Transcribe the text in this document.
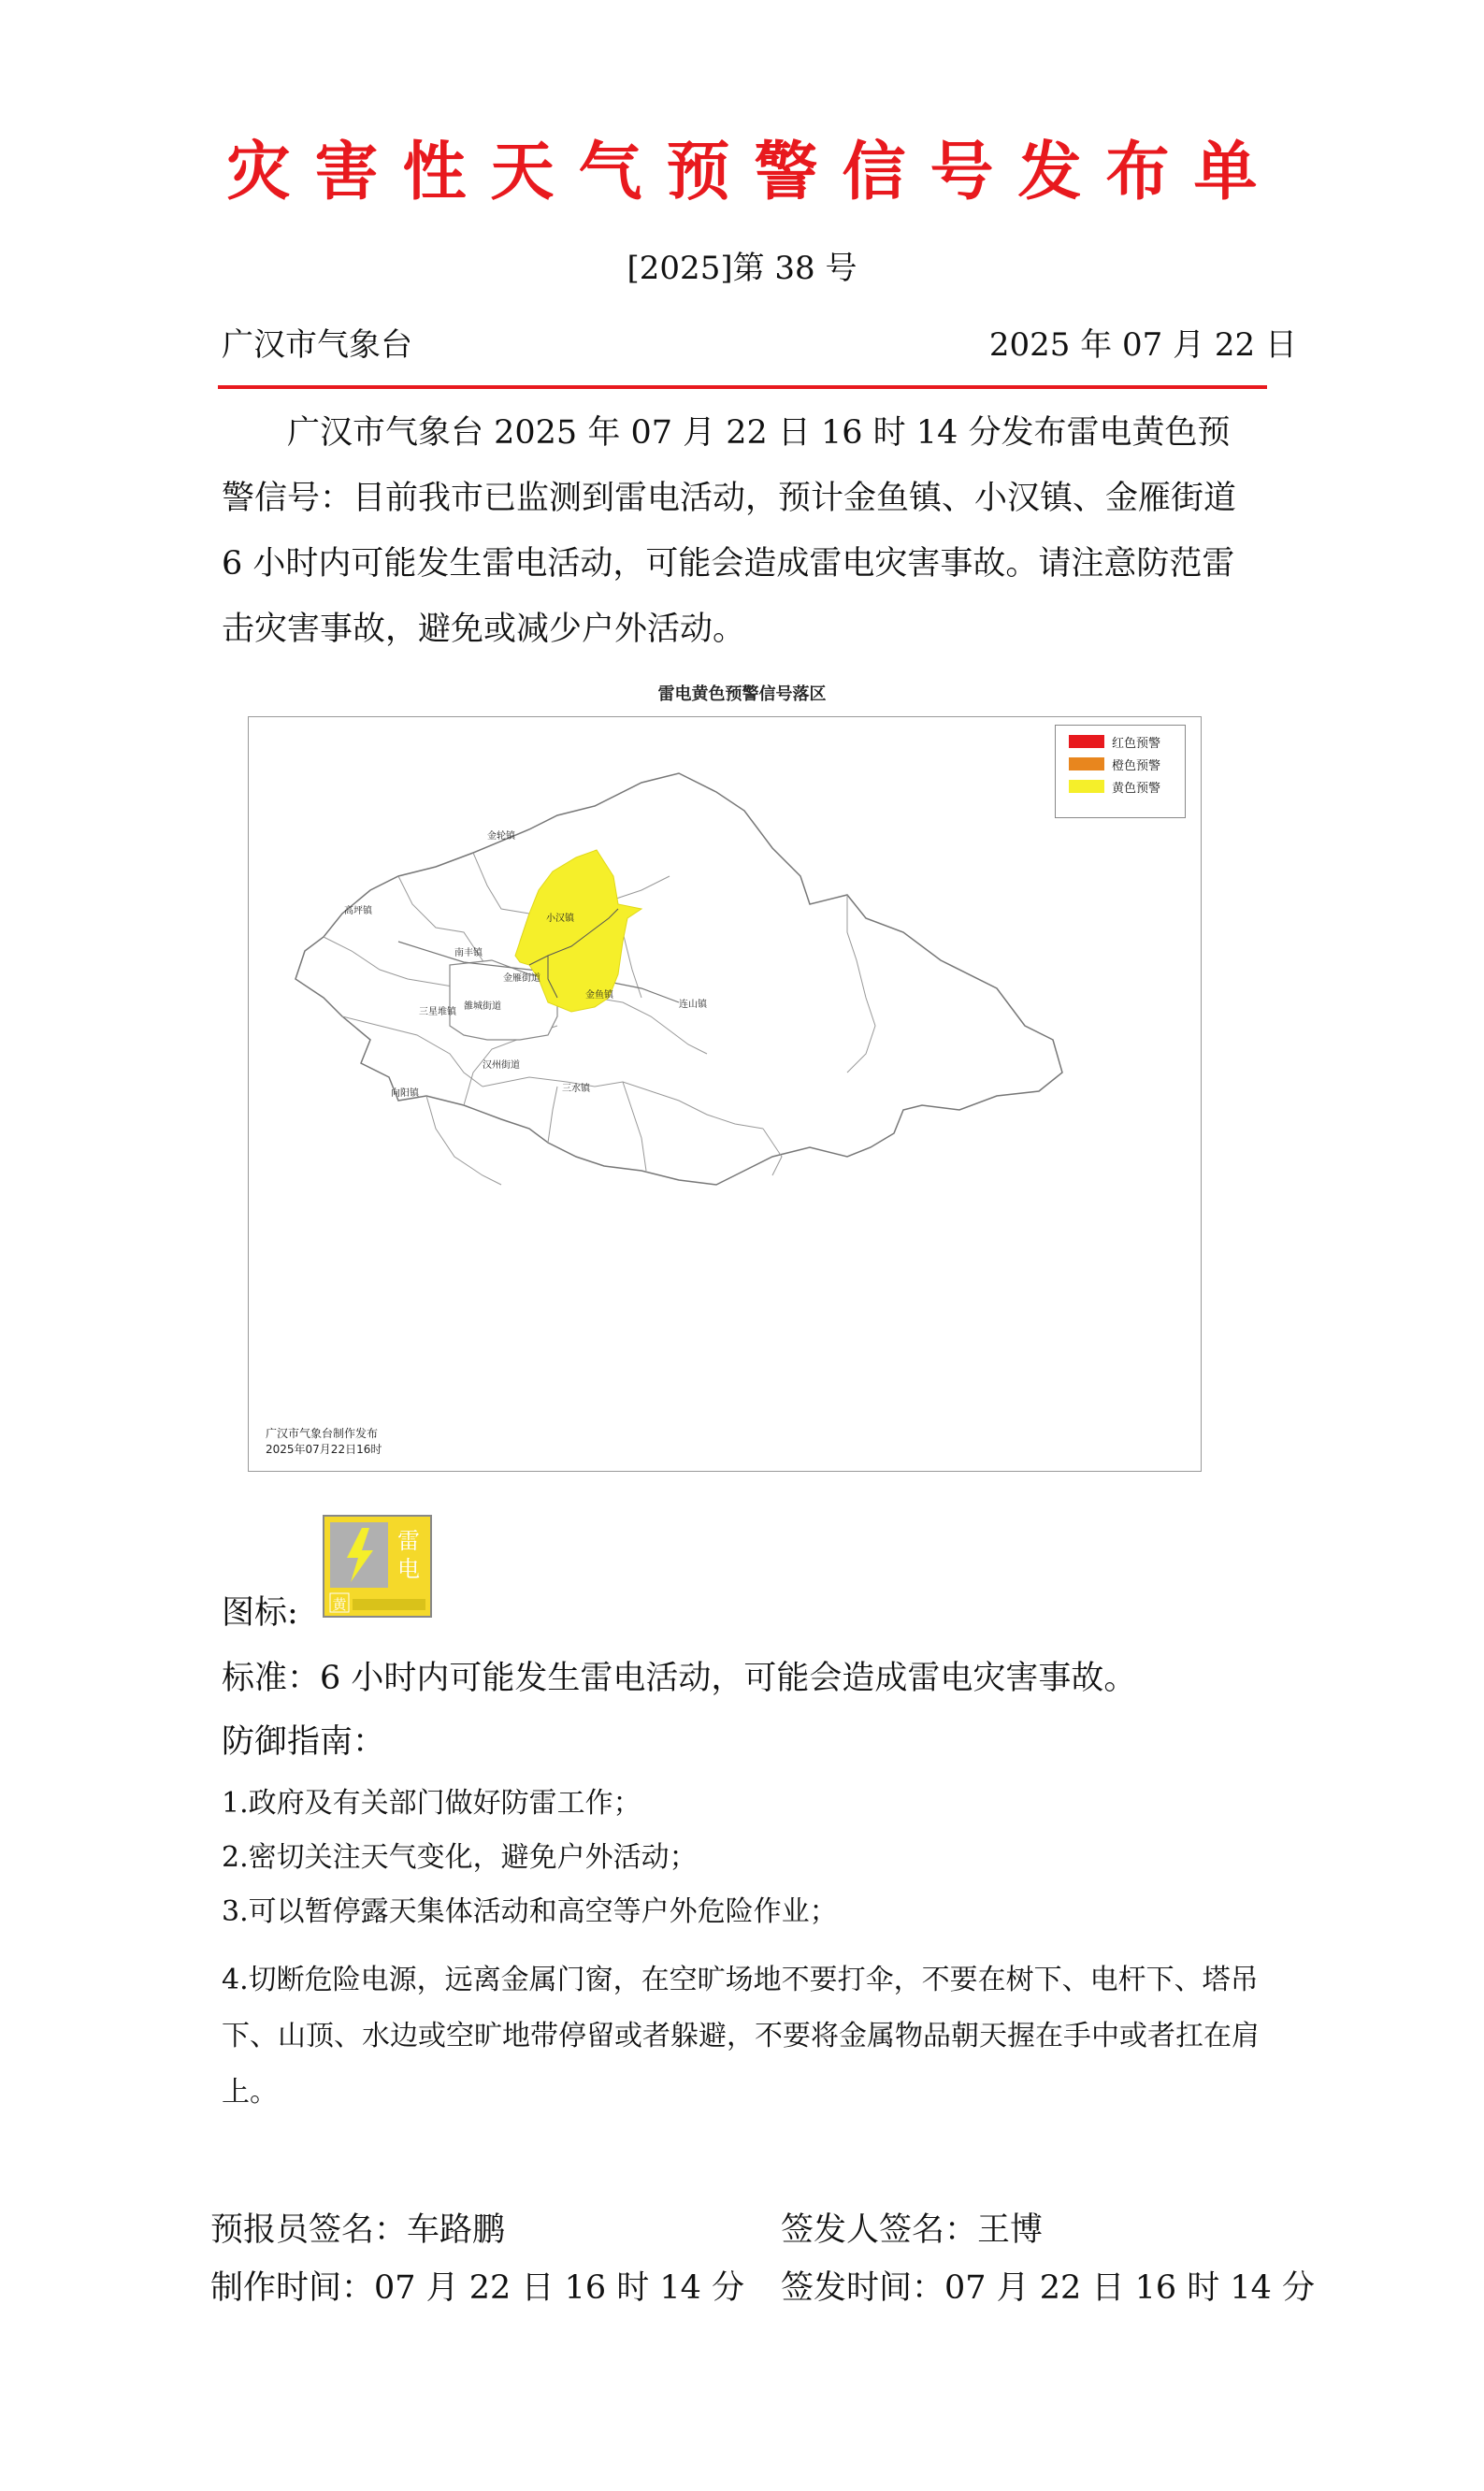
灾害性天气预警信号发布单
[2025]第 38 号
广汉市气象台	2025 年 07 月 22 日
广汉市气象台 2025 年 07 月 22 日 16 时 14 分发布雷电黄色预警信号：目前我市已监测到雷电活动，预计金鱼镇、小汉镇、金雁街道 6 小时内可能发生雷电活动，可能会造成雷电灾害事故。请注意防范雷击灾害事故，避免或减少户外活动。
雷电黄色预警信号落区
金轮镇
高坪镇
南丰镇
小汉镇
金雁街道
金鱼镇
三星堆镇
雒城街道	连山镇
汉州街道
向阳镇	三水镇
红色预警
橙色预警
黄色预警
广汉市气象台制作发布
2025年07月22日16时
图标:
雷
电
黄
标准：6 小时内可能发生雷电活动，可能会造成雷电灾害事故。
防御指南：
1.政府及有关部门做好防雷工作；
2.密切关注天气变化，避免户外活动；
3.可以暂停露天集体活动和高空等户外危险作业；
4.切断危险电源，远离金属门窗，在空旷场地不要打伞，不要在树下、电杆下、塔吊下、山顶、水边或空旷地带停留或者躲避，不要将金属物品朝天握在手中或者扛在肩上。
预报员签名：车路鹏	签发人签名：王博
制作时间：07 月 22 日 16 时 14 分 签发时间：07 月 22 日 16 时 14 分
